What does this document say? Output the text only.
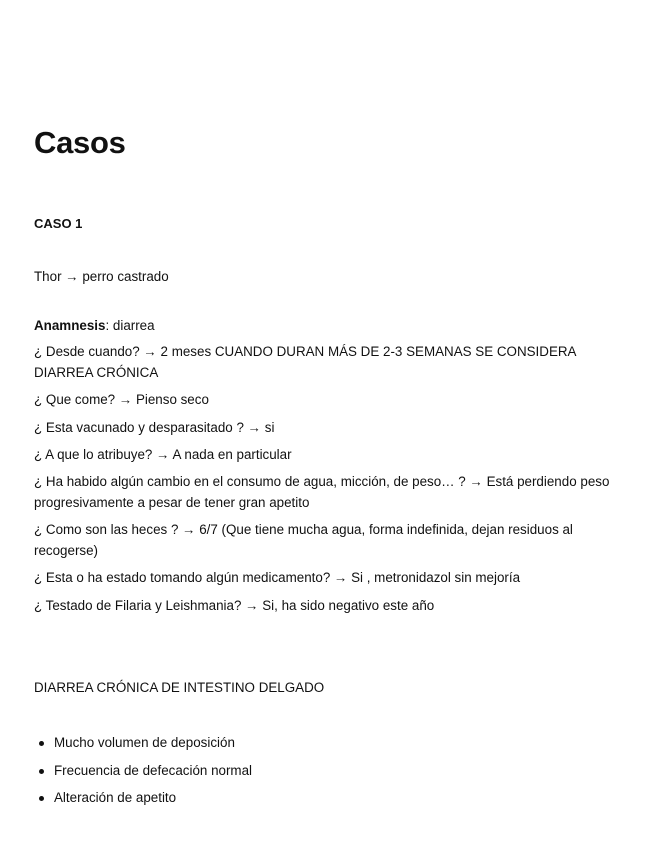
Casos

CASO 1

Thor → perro castrado

Anamnesis: diarrea

¿ Desde cuando? → 2 meses CUANDO DURAN MÁS DE 2-3 SEMANAS SE CONSIDERA DIARREA CRÓNICA

¿ Que come? → Pienso seco

¿ Esta vacunado y desparasitado ? → si

¿ A que lo atribuye? → A nada en particular

¿ Ha habido algún cambio en el consumo de agua, micción, de peso… ? → Está perdiendo peso progresivamente a pesar de tener gran apetito

¿ Como son las heces ? → 6/7 (Que tiene mucha agua, forma indefinida, dejan residuos al recogerse)

¿ Esta o ha estado tomando algún medicamento? → Si , metronidazol sin mejoría

¿ Testado de Filaria y Leishmania? → Si, ha sido negativo este año

DIARREA CRÓNICA DE INTESTINO DELGADO

Mucho volumen de deposición
Frecuencia de defecación normal
Alteración de apetito
